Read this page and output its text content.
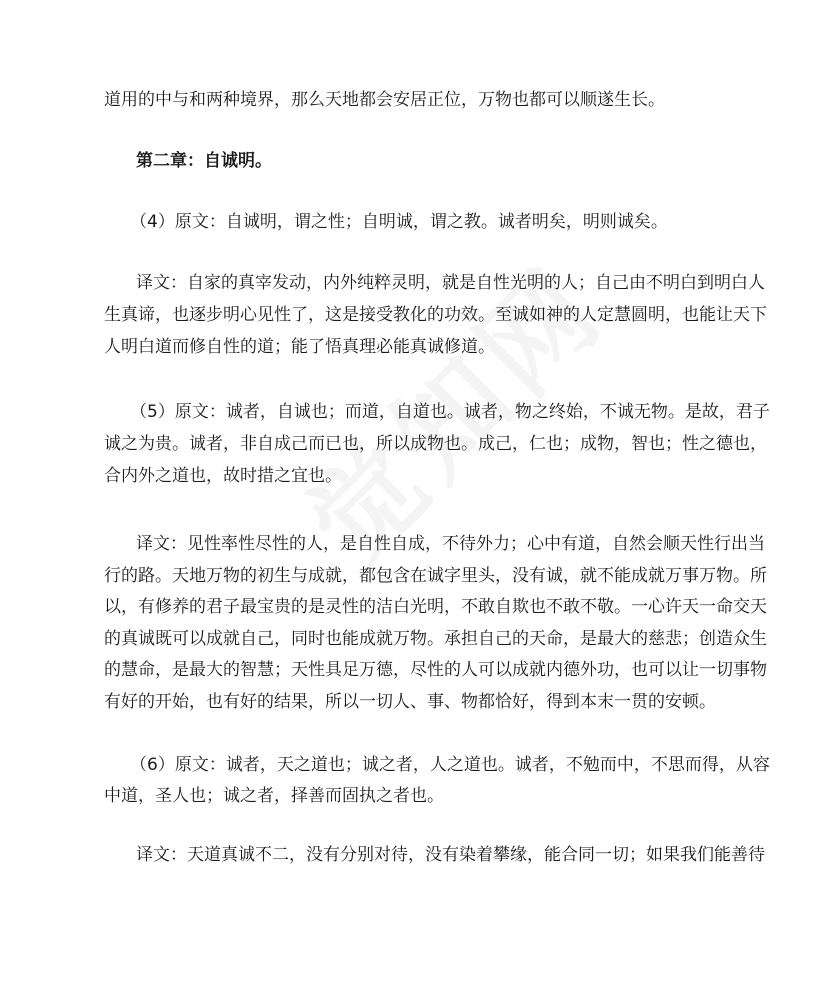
道用的中与和两种境界，那么天地都会安居正位，万物也都可以顺遂生长。
第二章：自诚明。
（4）原文：自诚明，谓之性；自明诚，谓之教。诚者明矣，明则诚矣。
译文：自家的真宰发动，内外纯粹灵明，就是自性光明的人；自己由不明白到明白人
生真谛，也逐步明心见性了，这是接受教化的功效。至诚如神的人定慧圆明，也能让天下
人明白道而修自性的道；能了悟真理必能真诚修道。
（5）原文：诚者，自诚也；而道，自道也。诚者，物之终始，不诚无物。是故，君子
诚之为贵。诚者，非自成己而已也，所以成物也。成己，仁也；成物，智也；性之德也，
合内外之道也，故时措之宜也。
译文：见性率性尽性的人，是自性自成，不待外力；心中有道，自然会顺天性行出当
行的路。天地万物的初生与成就，都包含在诚字里头，没有诚，就不能成就万事万物。所
以，有修养的君子最宝贵的是灵性的洁白光明，不敢自欺也不敢不敬。一心许天一命交天
的真诚既可以成就自己，同时也能成就万物。承担自己的天命，是最大的慈悲；创造众生
的慧命，是最大的智慧；天性具足万德，尽性的人可以成就内德外功，也可以让一切事物
有好的开始，也有好的结果，所以一切人、事、物都恰好，得到本末一贯的安顿。
（6）原文：诚者，天之道也；诚之者，人之道也。诚者，不勉而中，不思而得，从容
中道，圣人也；诚之者，择善而固执之者也。
译文：天道真诚不二，没有分别对待，没有染着攀缘，能合同一切；如果我们能善待
